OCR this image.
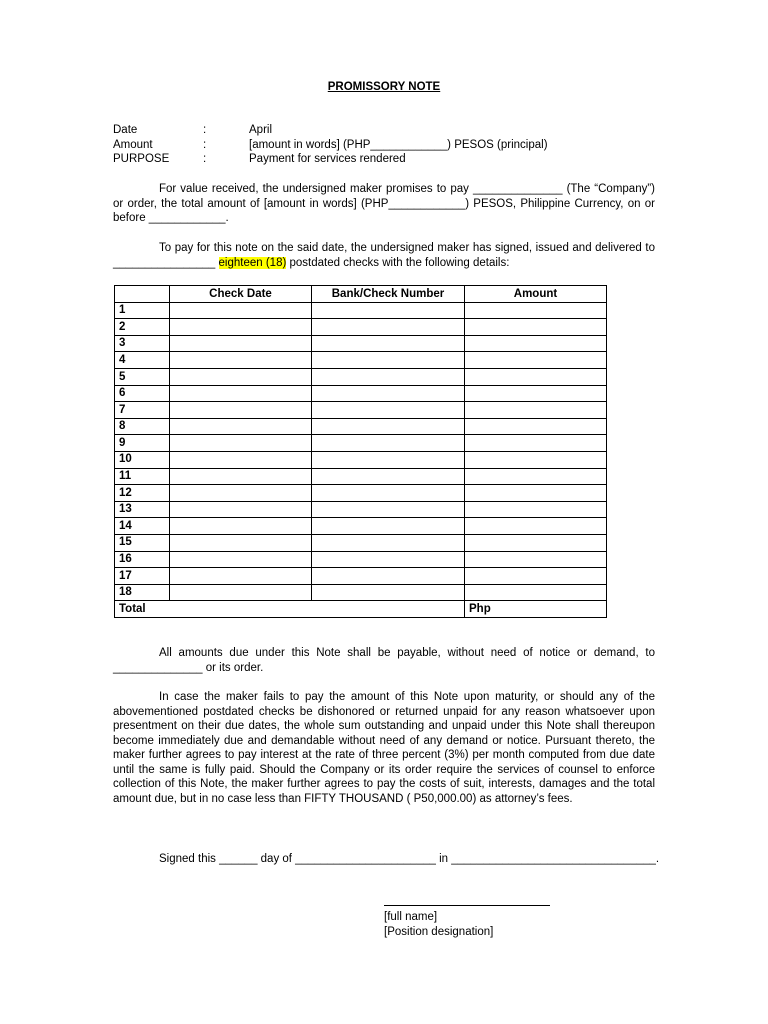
PROMISSORY NOTE
Date	:	April
Amount	:	[amount in words] (PHP____________) PESOS (principal)
PURPOSE	:	Payment for services rendered
For value received, the undersigned maker promises to pay ______________ (The “Company”) or order, the total amount of [amount in words] (PHP____________) PESOS, Philippine Currency, on or before ____________.
To pay for this note on the said date, the undersigned maker has signed, issued and delivered to ________________ eighteen (18) postdated checks with the following details:
	Check Date	Bank/Check Number	Amount
1			
2			
3			
4			
5			
6			
7			
8			
9			
10			
11			
12			
13			
14			
15			
16			
17			
18			
Total			Php
All amounts due under this Note shall be payable, without need of notice or demand, to ______________ or its order.
In case the maker fails to pay the amount of this Note upon maturity, or should any of the abovementioned postdated checks be dishonored or returned unpaid for any reason whatsoever upon presentment on their due dates, the whole sum outstanding and unpaid under this Note shall thereupon become immediately due and demandable without need of any demand or notice. Pursuant thereto, the maker further agrees to pay interest at the rate of three percent (3%) per month computed from due date until the same is fully paid. Should the Company or its order require the services of counsel to enforce collection of this Note, the maker further agrees to pay the costs of suit, interests, damages and the total amount due, but in no case less than FIFTY THOUSAND ( P50,000.00) as attorney’s fees.
Signed this ______ day of ______________________ in ________________________________.
[full name]
[Position designation]
